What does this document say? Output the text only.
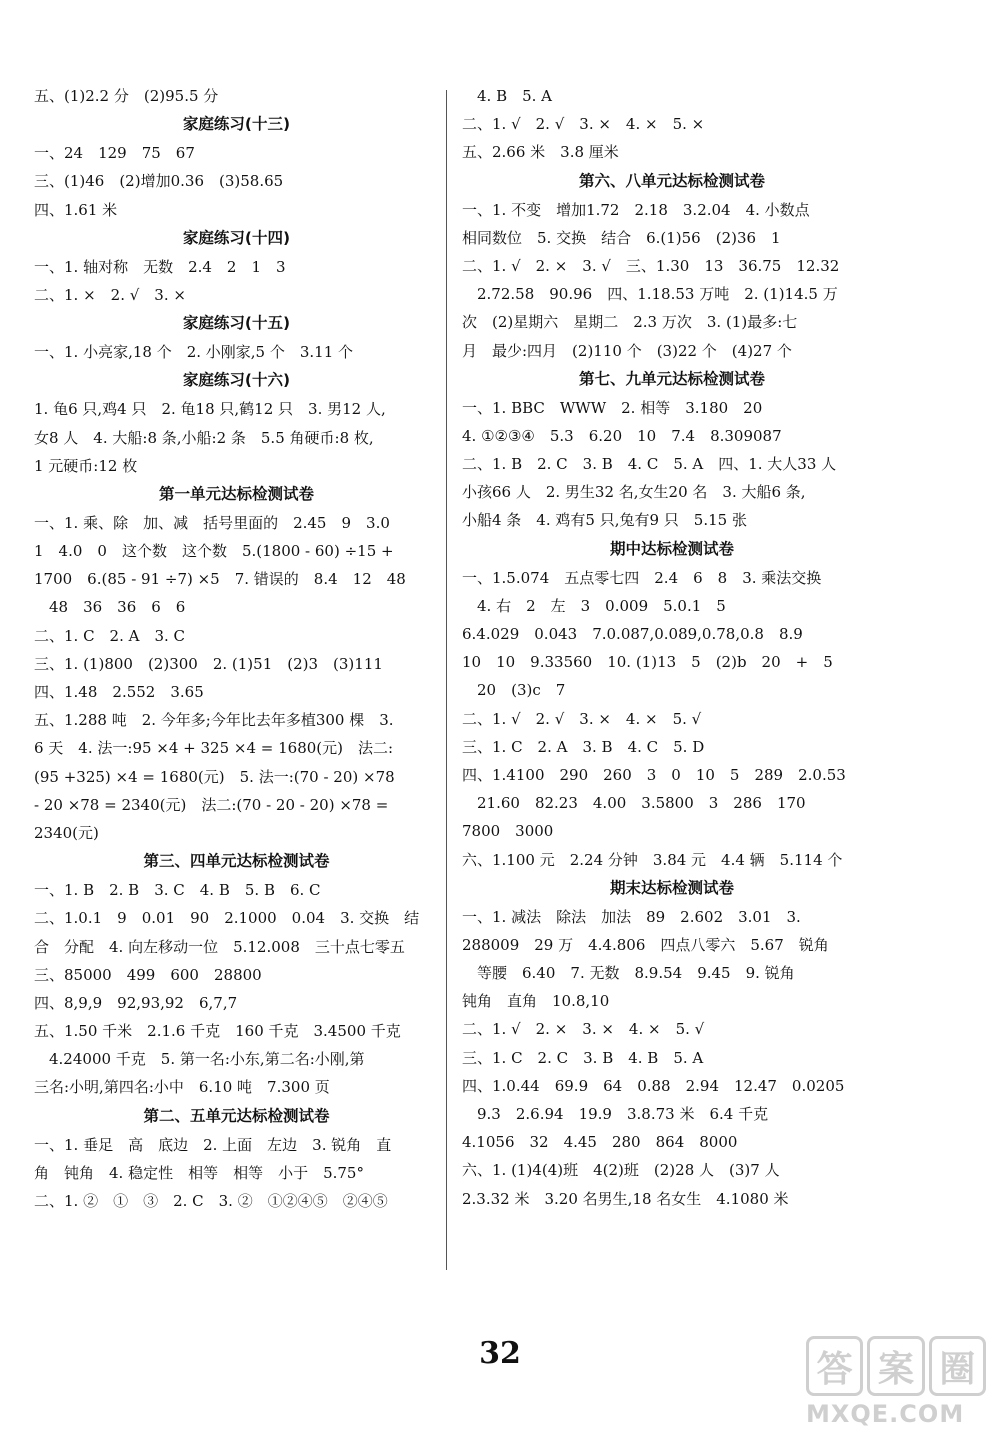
五、(1)2.2 分　(2)95.5 分
家庭练习(十三)
一、24　129　75　67
三、(1)46　(2)增加0.36　(3)58.65
四、1.61 米
家庭练习(十四)
一、1. 轴对称　无数　2.4　2　1　3
二、1. ×　2. √　3. ×
家庭练习(十五)
一、1. 小亮家,18 个　2. 小刚家,5 个　3.11 个
家庭练习(十六)
1. 龟6 只,鸡4 只　2. 龟18 只,鹤12 只　3. 男12 人,
女8 人　4. 大船:8 条,小船:2 条　5.5 角硬币:8 枚,
1 元硬币:12 枚
第一单元达标检测试卷
一、1. 乘、除　加、减　括号里面的　2.45　9　3.0
1　4.0　0　这个数　这个数　5.(1800 - 60) ÷15 +
1700　6.(85 - 91 ÷7) ×5　7. 错误的　8.4　12　48
　48　36　36　6　6
二、1. C　2. A　3. C
三、1. (1)800　(2)300　2. (1)51　(2)3　(3)111
四、1.48　2.552　3.65
五、1.288 吨　2. 今年多;今年比去年多植300 棵　3.
6 天　4. 法一:95 ×4 + 325 ×4 = 1680(元)　法二:
(95 +325) ×4 = 1680(元)　5. 法一:(70 - 20) ×78
- 20 ×78 = 2340(元)　法二:(70 - 20 - 20) ×78 =
2340(元)
第三、四单元达标检测试卷
一、1. B　2. B　3. C　4. B　5. B　6. C
二、1.0.1　9　0.01　90　2.1000　0.04　3. 交换　结
合　分配　4. 向左移动一位　5.12.008　三十点七零五
三、85000　499　600　28800
四、8,9,9　92,93,92　6,7,7
五、1.50 千米　2.1.6 千克　160 千克　3.4500 千克
　4.24000 千克　5. 第一名:小东,第二名:小刚,第
三名:小明,第四名:小中　6.10 吨　7.300 页
第二、五单元达标检测试卷
一、1. 垂足　高　底边　2. 上面　左边　3. 锐角　直
角　钝角　4. 稳定性　相等　相等　小于　5.75°
二、1. ②　①　③　2. C　3. ②　①②④⑤　②④⑤
　4. B　5. A
二、1. √　2. √　3. ×　4. ×　5. ×
五、2.66 米　3.8 厘米
第六、八单元达标检测试卷
一、1. 不变　增加1.72　2.18　3.2.04　4. 小数点
相同数位　5. 交换　结合　6.(1)56　(2)36　1
二、1. √　2. ×　3. √　三、1.30　13　36.75　12.32
　2.72.58　90.96　四、1.18.53 万吨　2. (1)14.5 万
次　(2)星期六　星期二　2.3 万次　3. (1)最多:七
月　最少:四月　(2)110 个　(3)22 个　(4)27 个
第七、九单元达标检测试卷
一、1. BBC　WWW　2. 相等　3.180　20
4. ①②③④　5.3　6.20　10　7.4　8.309087
二、1. B　2. C　3. B　4. C　5. A　四、1. 大人33 人
小孩66 人　2. 男生32 名,女生20 名　3. 大船6 条,
小船4 条　4. 鸡有5 只,兔有9 只　5.15 张
期中达标检测试卷
一、1.5.074　五点零七四　2.4　6　8　3. 乘法交换
　4. 右　2　左　3　0.009　5.0.1　5
6.4.029　0.043　7.0.087,0.089,0.78,0.8　8.9
10　10　9.33560　10. (1)13　5　(2)b　20　+　5
　20　(3)c　7
二、1. √　2. √　3. ×　4. ×　5. √
三、1. C　2. A　3. B　4. C　5. D
四、1.4100　290　260　3　0　10　5　289　2.0.53
　21.60　82.23　4.00　3.5800　3　286　170
7800　3000
六、1.100 元　2.24 分钟　3.84 元　4.4 辆　5.114 个
期末达标检测试卷
一、1. 减法　除法　加法　89　2.602　3.01　3.
288009　29 万　4.4.806　四点八零六　5.67　锐角
　等腰　6.40　7. 无数　8.9.54　9.45　9. 锐角
钝角　直角　10.8,10
二、1. √　2. ×　3. ×　4. ×　5. √
三、1. C　2. C　3. B　4. B　5. A
四、1.0.44　69.9　64　0.88　2.94　12.47　0.0205
　9.3　2.6.94　19.9　3.8.73 米　6.4 千克
4.1056　32　4.45　280　864　8000
六、1. (1)4(4)班　4(2)班　(2)28 人　(3)7 人
2.3.32 米　3.20 名男生,18 名女生　4.1080 米
32	答 案 圈
MXQE.COM
